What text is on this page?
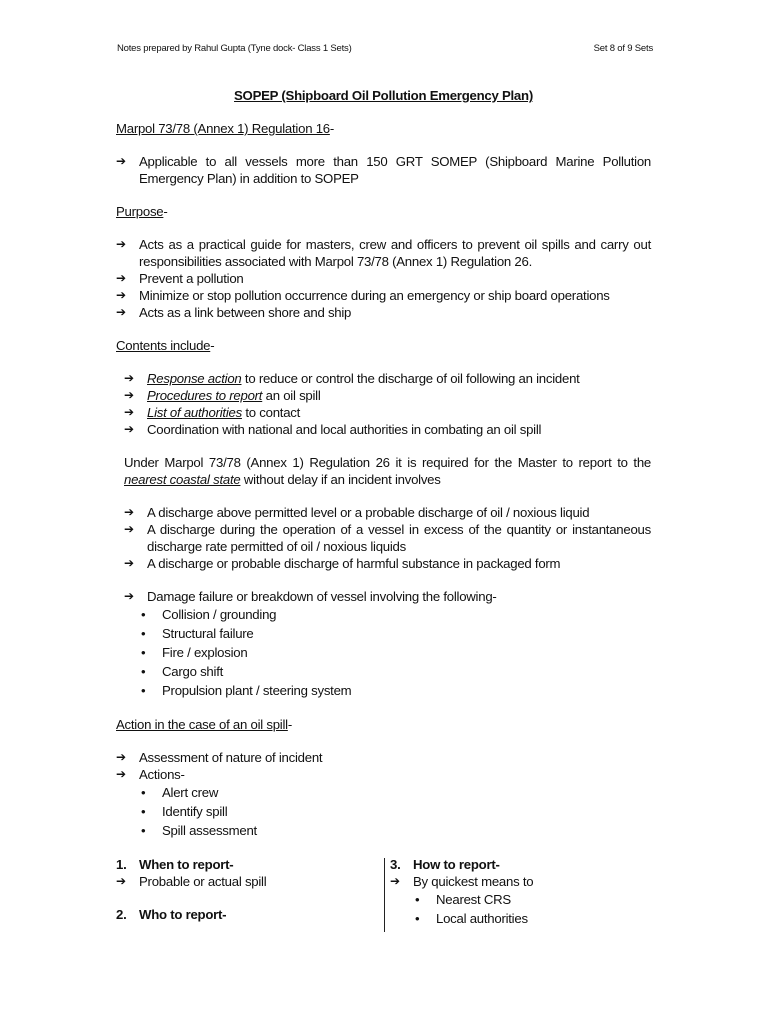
Notes prepared by Rahul Gupta (Tyne dock- Class 1 Sets)	Set 8 of 9 Sets

SOPEP (Shipboard Oil Pollution Emergency Plan)

Marpol 73/78 (Annex 1) Regulation 16-

➔ Applicable to all vessels more than 150 GRT SOMEP (Shipboard Marine Pollution Emergency Plan) in addition to SOPEP

Purpose-

➔ Acts as a practical guide for masters, crew and officers to prevent oil spills and carry out responsibilities associated with Marpol 73/78 (Annex 1) Regulation 26.
➔ Prevent a pollution
➔ Minimize or stop pollution occurrence during an emergency or ship board operations
➔ Acts as a link between shore and ship

Contents include-

➔ Response action to reduce or control the discharge of oil following an incident
➔ Procedures to report an oil spill
➔ List of authorities to contact
➔ Coordination with national and local authorities in combating an oil spill

Under Marpol 73/78 (Annex 1) Regulation 26 it is required for the Master to report to the nearest coastal state without delay if an incident involves

➔ A discharge above permitted level or a probable discharge of oil / noxious liquid
➔ A discharge during the operation of a vessel in excess of the quantity or instantaneous discharge rate permitted of oil / noxious liquids
➔ A discharge or probable discharge of harmful substance in packaged form
➔ Damage failure or breakdown of vessel involving the following-
• Collision / grounding
• Structural failure
• Fire / explosion
• Cargo shift
• Propulsion plant / steering system

Action in the case of an oil spill-

➔ Assessment of nature of incident
➔ Actions-
• Alert crew
• Identify spill
• Spill assessment
1. When to report-
➔ Probable or actual spill
2. Who to report-
3. How to report-
➔ By quickest means to
• Nearest CRS
• Local authorities
